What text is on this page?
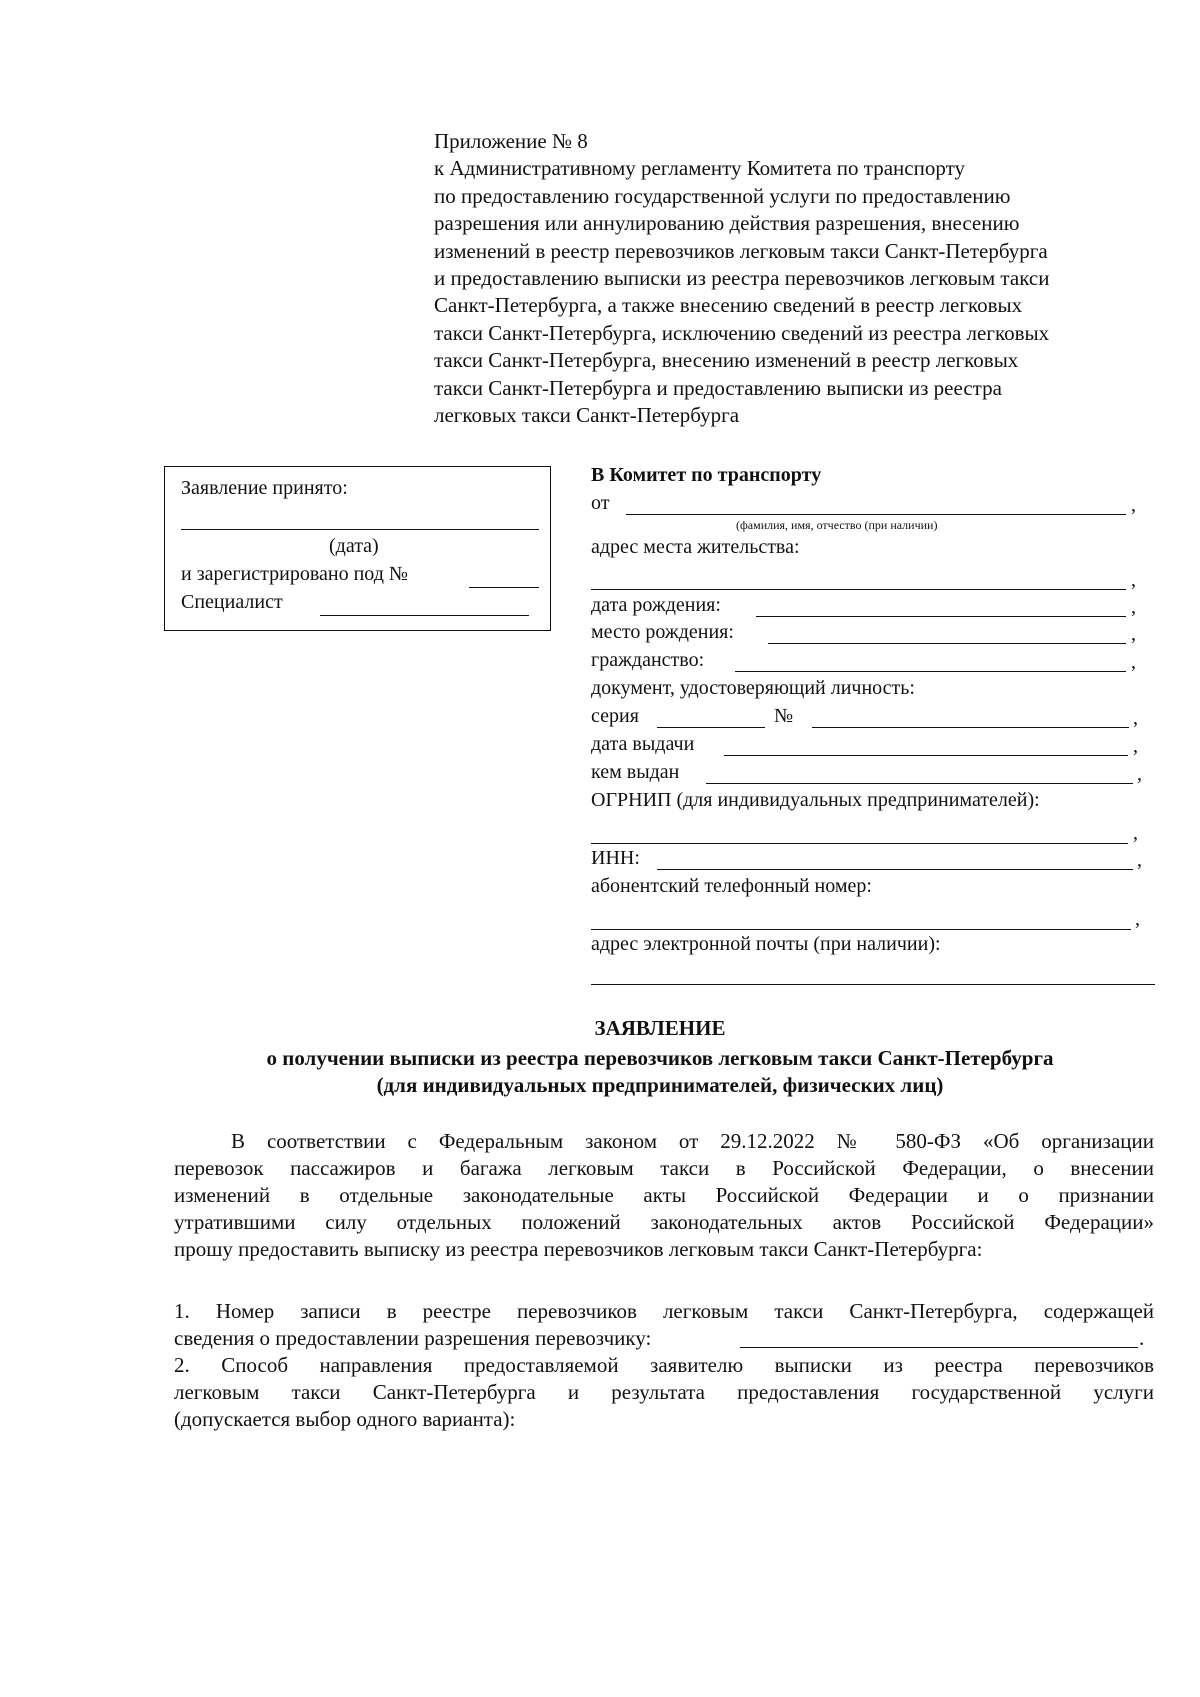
Приложение № 8
к Административному регламенту Комитета по транспорту
по предоставлению государственной услуги по предоставлению
разрешения или аннулированию действия разрешения, внесению
изменений в реестр перевозчиков легковым такси Санкт-Петербурга
и предоставлению выписки из реестра перевозчиков легковым такси
Санкт-Петербурга, а также внесению сведений в реестр легковых
такси Санкт-Петербурга, исключению сведений из реестра легковых
такси Санкт-Петербурга, внесению изменений в реестр легковых
такси Санкт-Петербурга и предоставлению выписки из реестра
легковых такси Санкт-Петербурга
Заявление принято:
(дата)
и зарегистрировано под №
Специалист
В Комитет по транспорту
от	,
(фамилия, имя, отчество (при наличии)
адрес места жительства:
,
дата рождения:	,
место рождения:	,
гражданство:	,
документ, удостоверяющий личность:
серия	№	,
дата выдачи	,
кем выдан	,
ОГРНИП (для индивидуальных предпринимателей):
,
ИНН:	,
абонентский телефонный номер:
,
адрес электронной почты (при наличии):
ЗАЯВЛЕНИЕ
о получении выписки из реестра перевозчиков легковым такси Санкт-Петербурга
(для индивидуальных предпринимателей, физических лиц)
В соответствии с Федеральным законом от 29.12.2022 № 580-ФЗ «Об организации
перевозок пассажиров и багажа легковым такси в Российской Федерации, о внесении
изменений в отдельные законодательные акты Российской Федерации и о признании
утратившими силу отдельных положений законодательных актов Российской Федерации»
прошу предоставить выписку из реестра перевозчиков легковым такси Санкт-Петербурга:
1. Номер записи в реестре перевозчиков легковым такси Санкт-Петербурга, содержащей
сведения о предоставлении разрешения перевозчику:	.
2. Способ направления предоставляемой заявителю выписки из реестра перевозчиков
легковым такси Санкт-Петербурга и результата предоставления государственной услуги
(допускается выбор одного варианта):
